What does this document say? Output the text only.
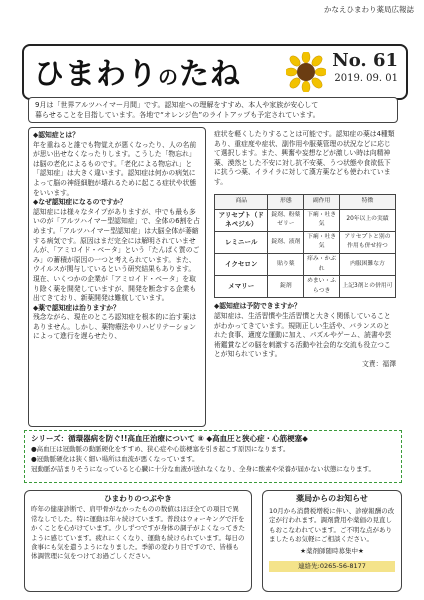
かなえひまわり薬局広報誌
ひまわりのたね	No. 61
2019. 09. 01

9月は「世界アルツハイマー月間」です。認知症への理解をすすめ、本人や家族が安心して

暮らせることを目指しています。各地で“オレンジ色”のライトアップも予定されています。

◆認知症とは？

年を重ねると誰でも物覚えが悪くなったり、人の名前が思い出せなくなったりします。こうした「物忘れ」は脳の老化によるものです。「老化による物忘れ」と「認知症」は大きく違います。認知症は何かの病気によって脳の神経細胞が壊れるために起こる症状や状態をいいます。

◆なぜ認知症になるのですか？

認知症には様々なタイプがありますが、中でも最も多いのが「アルツハイマー型認知症」で、全体の6割を占めます。「アルツハイマー型認知症」は大脳全体が萎縮する病気です。原因はまだ完全には解明されていませんが、「アミロイド・ベータ」という「たんぱく質のごみ」の蓄積が原因の一つと考えられています。また、ウイルスが関与しているという研究結果もあります。現在、いくつかの企業が「アミロイド・ベータ」を取り除く薬を開発していますが、開発を断念する企業も出てきており、新薬開発は難航しています。

◆薬で認知症は治りますか？

残念ながら、現在のところ認知症を根本的に治す薬はありません。しかし、薬物療法やリハビリテーションによって進行を遅らせたり、

症状を軽くしたりすることは可能です。認知症の薬は4種類あり、重症度や症状、副作用や服薬管理の状況などに応じて選択します。また、興奮や妄想などが激しい時は向精神薬、漠然とした不安に対し抗不安薬、うつ状態や食欲低下に抗うつ薬、イライラに対して漢方薬なども使われています。

商品	形態	副作用	特徴
アリセプト（ドネペジル）	錠剤、粉薬ゼリー	下痢・吐き気	20年以上の実績
レミニール	錠剤、液剤	下痢・吐き気	アリセプトと別の作用も併せ持つ
イクセロン	貼り薬	痒み・かぶれ	内服困難な方
メマリー	錠剤	めまい・ふらつき	上記3剤との併用可

◆認知症は予防できますか？

認知症は、生活習慣や生活習慣と大きく関係していることがわかってきています。規則正しい生活や、バランスのとれた食事、適度な運動に加え、パズルやゲーム、読書や芸術鑑賞などの脳を刺激する活動や社会的な交流も役立つことが知られています。

文責：福澤

シリーズ：循環器病を防ぐ!!高血圧治療について ⑧ ◆高血圧と狭心症・心筋梗塞◆

●高血圧は冠動脈の動脈硬化をすすめ、狭心症や心筋梗塞を引き起こす原因になります。

●冠動脈硬化は狭く細い場所は血流が悪くなっています。

冠動脈が詰まりそうになっていると心臓に十分な血液が送れなくなり、全身に酸素や栄養が届かない状態になります。

ひまわりのつぶやき

昨年の健康診断で、肩甲骨がなかったものの数値はほぼ全ての項目で異常なしでした。特に運動は年々続けています。普段はウォーキングで汗をかくことを心がけています。少しずつですが身体の調子がよくなってきたように感じています。疲れにくくなり、運動も続けられています。毎日の食事にも気を遣うようになりました。季節の変わり目ですので、皆様も体調管理に気をつけてお過ごしください。

薬局からのお知らせ

10月から消費税増税に伴い、診療報酬の改定が行われます。調剤費用や薬価の見直しもおこなわれています。ご不明な点がありましたらお気軽にご相談ください。

★薬剤師随時募集中★

連絡先:0265-56-8177
